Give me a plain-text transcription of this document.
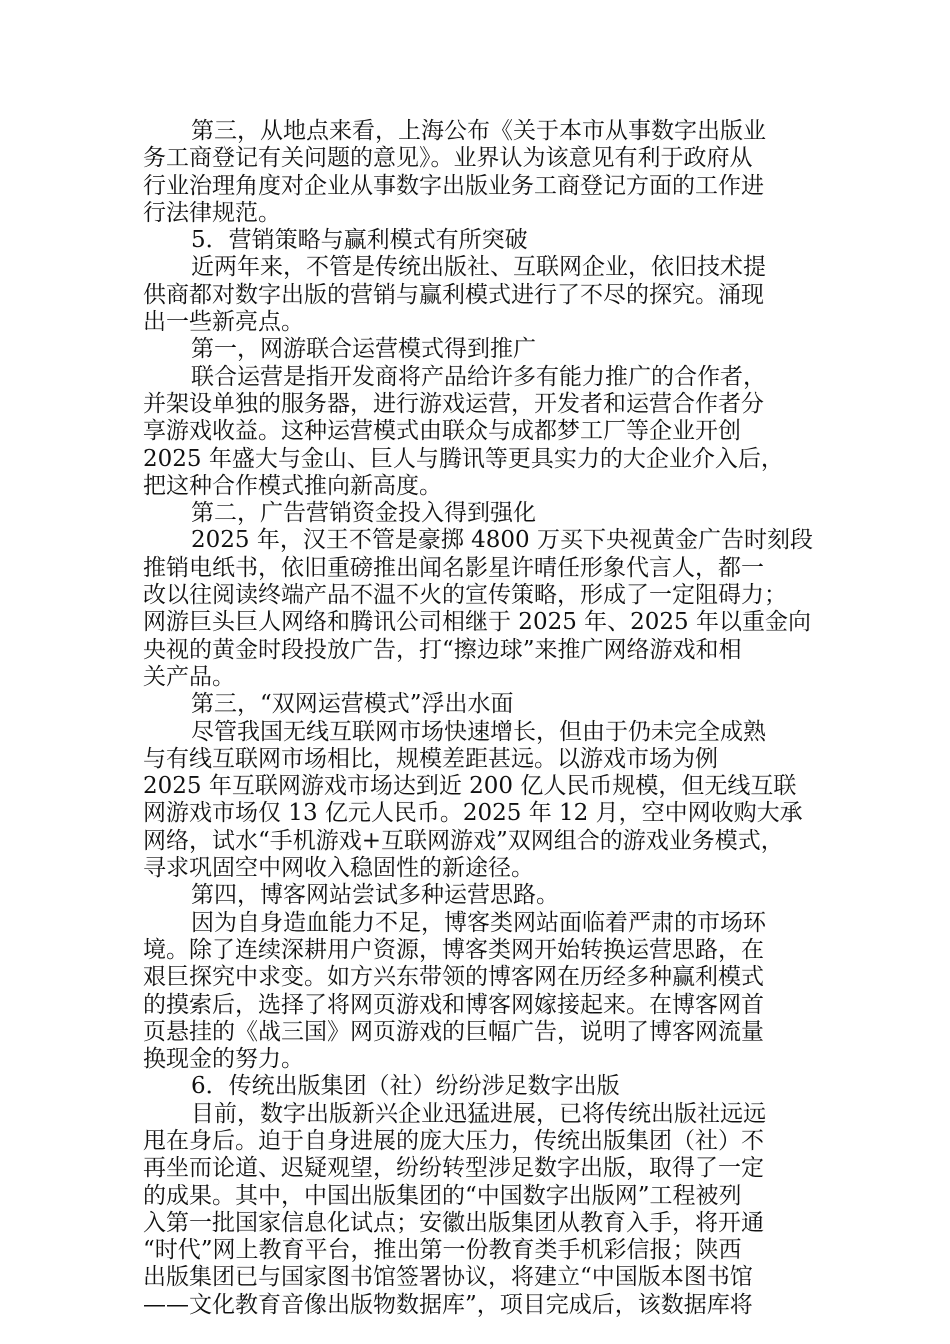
第三，从地点来看，上海公布《关于本市从事数字出版业
务工商登记有关问题的意见》。业界认为该意见有利于政府从
行业治理角度对企业从事数字出版业务工商登记方面的工作进
行法律规范。
5．营销策略与赢利模式有所突破
近两年来，不管是传统出版社、互联网企业，依旧技术提
供商都对数字出版的营销与赢利模式进行了不尽的探究。涌现
出一些新亮点。
第一，网游联合运营模式得到推广
联合运营是指开发商将产品给许多有能力推广的合作者，
并架设单独的服务器，进行游戏运营，开发者和运营合作者分
享游戏收益。这种运营模式由联众与成都梦工厂等企业开创
2025 年盛大与金山、巨人与腾讯等更具实力的大企业介入后，
把这种合作模式推向新高度。
第二，广告营销资金投入得到强化
2025 年，汉王不管是豪掷 4800 万买下央视黄金广告时刻段
推销电纸书，依旧重磅推出闻名影星许晴任形象代言人，都一
改以往阅读终端产品不温不火的宣传策略，形成了一定阻碍力；
网游巨头巨人网络和腾讯公司相继于 2025 年、2025 年以重金向
央视的黄金时段投放广告，打“擦边球”来推广网络游戏和相
关产品。
第三，“双网运营模式”浮出水面
尽管我国无线互联网市场快速增长，但由于仍未完全成熟
与有线互联网市场相比，规模差距甚远。以游戏市场为例
2025 年互联网游戏市场达到近 200 亿人民币规模，但无线互联
网游戏市场仅 13 亿元人民币。2025 年 12 月，空中网收购大承
网络，试水“手机游戏+互联网游戏”双网组合的游戏业务模式，
寻求巩固空中网收入稳固性的新途径。
第四，博客网站尝试多种运营思路。
因为自身造血能力不足，博客类网站面临着严肃的市场环
境。除了连续深耕用户资源，博客类网开始转换运营思路，在
艰巨探究中求变。如方兴东带领的博客网在历经多种赢利模式
的摸索后，选择了将网页游戏和博客网嫁接起来。在博客网首
页悬挂的《战三国》网页游戏的巨幅广告，说明了博客网流量
换现金的努力。
6．传统出版集团（社）纷纷涉足数字出版
目前，数字出版新兴企业迅猛进展，已将传统出版社远远
甩在身后。迫于自身进展的庞大压力，传统出版集团（社）不
再坐而论道、迟疑观望，纷纷转型涉足数字出版，取得了一定
的成果。其中，中国出版集团的“中国数字出版网”工程被列
入第一批国家信息化试点；安徽出版集团从教育入手，将开通
“时代”网上教育平台，推出第一份教育类手机彩信报；陕西
出版集团已与国家图书馆签署协议，将建立“中国版本图书馆
——文化教育音像出版物数据库”，项目完成后，该数据库将
